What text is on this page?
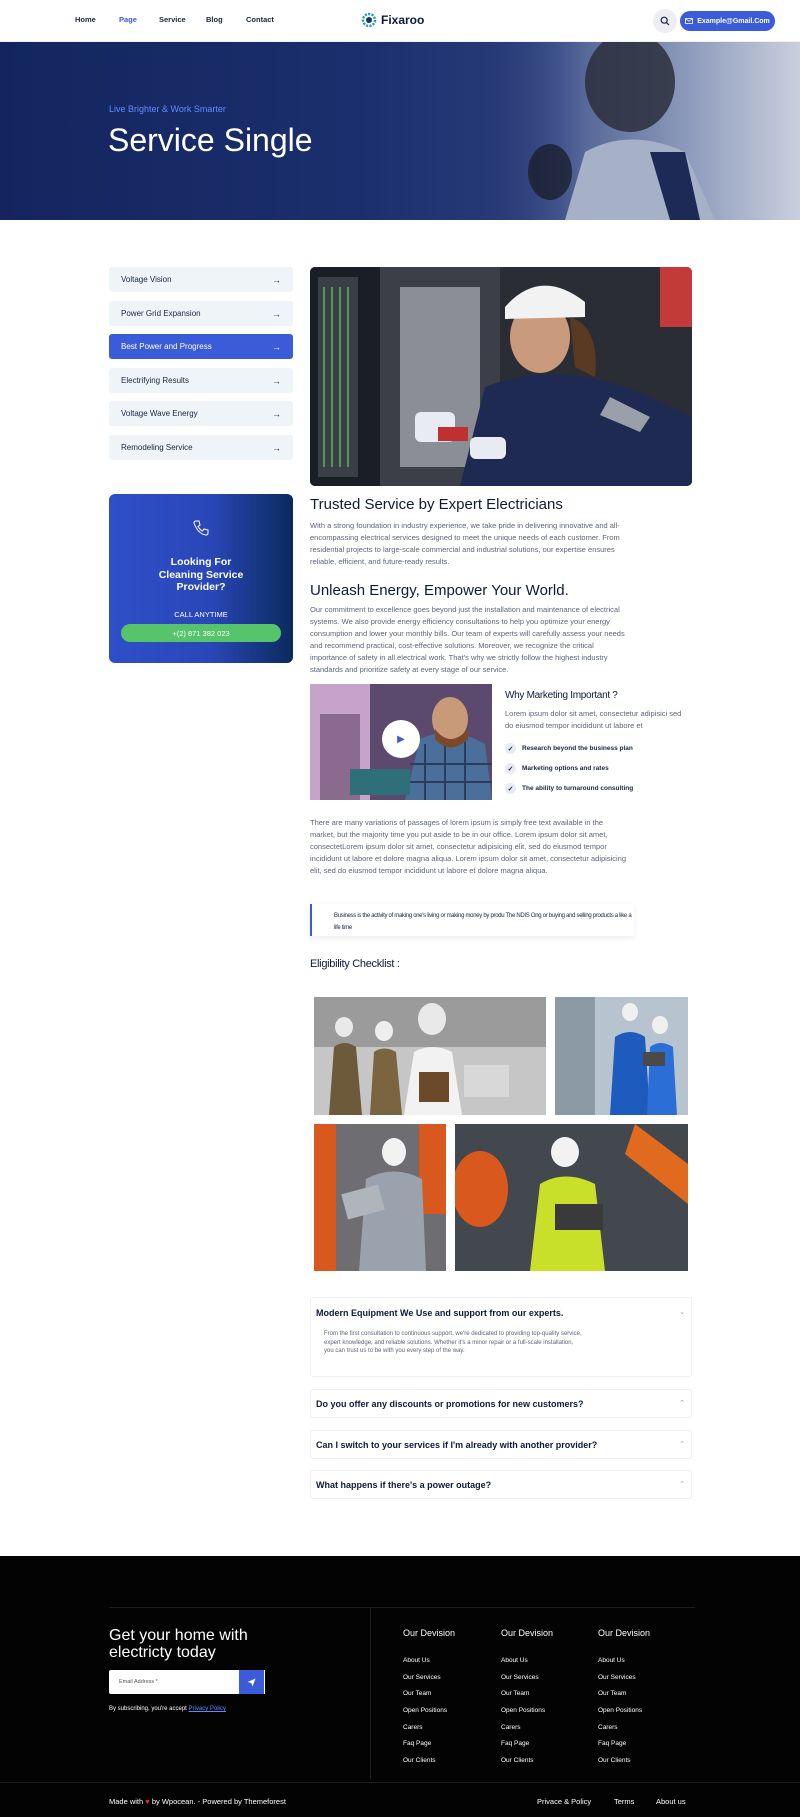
Home	Page	Service	Blog	Contact	Fixaroo	Example@Gmail.Com
Live Brighter & Work Smarter
Service Single
Voltage Vision	→
Power Grid Expansion	→
Best Power and Progress	→
Electrifying Results	→
Voltage Wave Energy	→
Remodeling Service	→
Looking For Cleaning Service Provider?
CALL ANYTIME
+(2) 871 382 023
Trusted Service by Expert Electricians

With a strong foundation in industry experience, we take pride in delivering innovative and all-encompassing electrical services designed to meet the unique needs of each customer. From residential projects to large-scale commercial and industrial solutions, our expertise ensures reliable, efficient, and future-ready results.

Unleash Energy, Empower Your World.

Our commitment to excellence goes beyond just the installation and maintenance of electrical systems. We also provide energy efficiency consultations to help you optimize your energy consumption and lower your monthly bills. Our team of experts will carefully assess your needs and recommend practical, cost-effective solutions. Moreover, we recognize the critical importance of safety in all electrical work. That's why we strictly follow the highest industry standards and prioritize safety at every stage of our service.

▶
Why Marketing Important ?

Lorem ipsum dolor sit amet, consectetur adipisici sed do eiusmod tempor incididunt ut labore et

✓	Research beyond the business plan
✓	Marketing options and rates
✓	The ability to turnaround consulting

There are many variations of passages of lorem ipsum is simply free text available in the market, but the majority time you put aside to be in our office. Lorem ipsum dolor sit amet, consectetLorem ipsum dolor sit amet, consectetur adipisicing elit, sed do eiusmod tempor incididunt ut labore et dolore magna aliqua. Lorem ipsum dolor sit amet, consectetur adipisicing elit, sed do eiusmod tempor incididunt ut labore et dolore magna aliqua.

Business is the activity of making one's living or making money by produ The NDIS Ong or buying and selling products a like a life time
Eligibility Checklist :
Modern Equipment We Use and support from our experts.	⌄
From the first consultation to continuous support, we're dedicated to providing top-quality service, expert knowledge, and reliable solutions. Whether it's a minor repair or a full-scale installation, you can trust us to be with you every step of the way.
Do you offer any discounts or promotions for new customers?	⌃
Can I switch to your services if I'm already with another provider?	⌃
What happens if there's a power outage?	⌃
Get your home with electricty today
Email Address *
By subscribing, you're accept Privacy Policy
Our Devision
About Us
Our Services
Our Team
Open Positions
Carers
Faq Page
Our Clients
Our Devision
About Us
Our Services
Our Team
Open Positions
Carers
Faq Page
Our Clients
Our Devision
About Us
Our Services
Our Team
Open Positions
Carers
Faq Page
Our Clients
Made with ♥ by Wpocean. - Powered by Themeforest	Privace & Policy	Terms	About us
